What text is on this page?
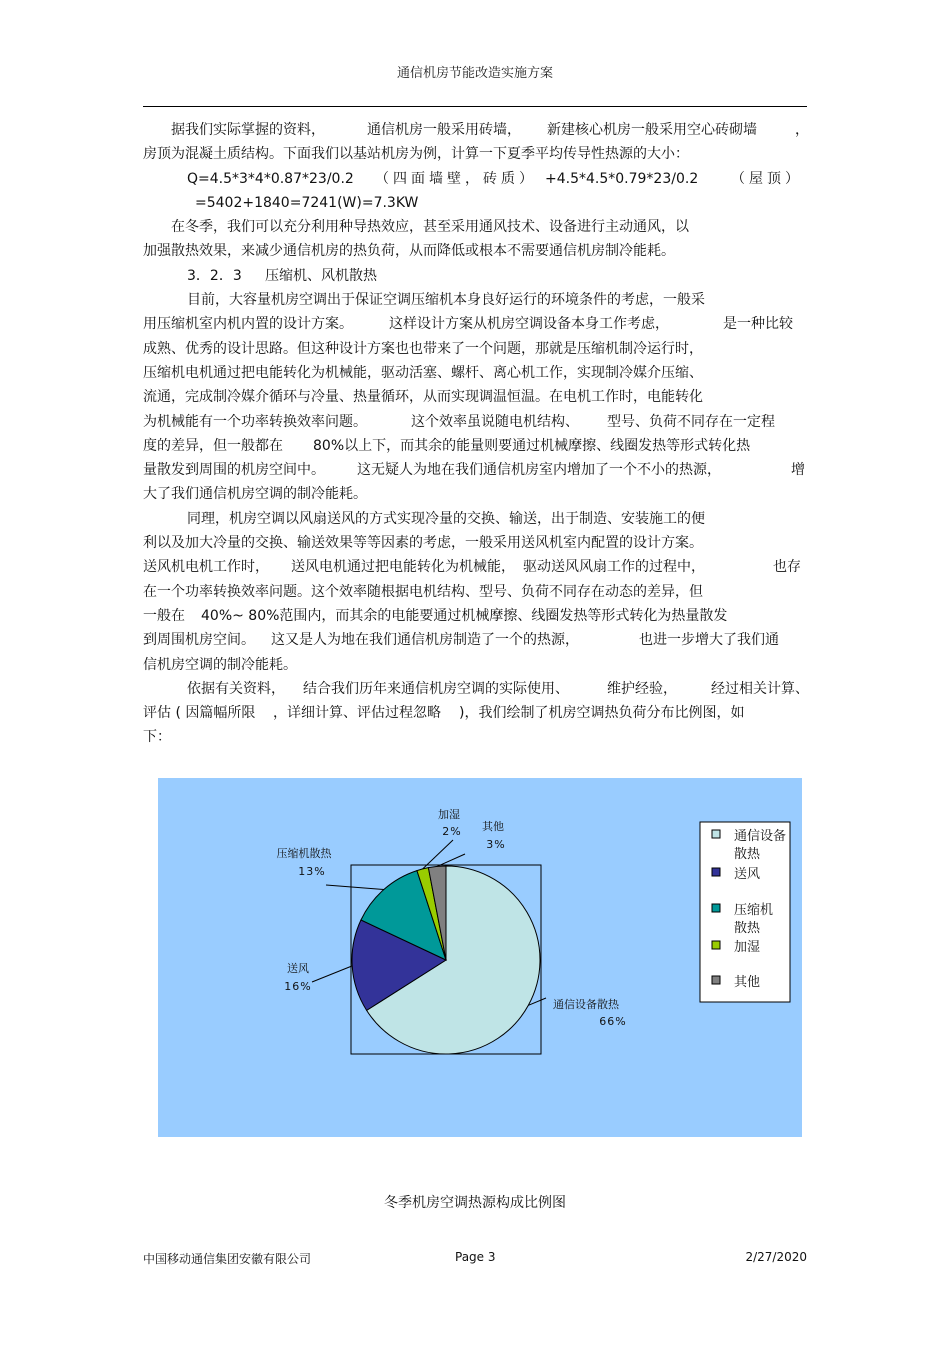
通信机房节能改造实施方案
据我们实际掌握的资料，	通信机房一般采用砖墙， 新建核心机房一般采用空心砖砌墙	，
房顶为混凝土质结构。下面我们以基站机房为例，计算一下夏季平均传导性热源的大小：
Q=4.5*3*4*0.87*23/0.2 （四面墙壁，砖质） +4.5*4.5*0.79*23/0.2 （屋顶）
=5402+1840=7241(W)=7.3KW
在冬季，我们可以充分利用种导热效应，甚至采用通风技术、设备进行主动通风，以
加强散热效果，来减少通信机房的热负荷，从而降低或根本不需要通信机房制冷能耗。
3．2．3 压缩机、风机散热
目前，大容量机房空调出于保证空调压缩机本身良好运行的环境条件的考虑，一般采
用压缩机室内机内置的设计方案。	这样设计方案从机房空调设备本身工作考虑，	是一种比较
成熟、优秀的设计思路。但这种设计方案也也带来了一个问题，那就是压缩机制冷运行时，
压缩机电机通过把电能转化为机械能，驱动活塞、螺杆、离心机工作，实现制冷媒介压缩、
流通，完成制冷媒介循环与冷量、热量循环，从而实现调温恒温。在电机工作时，电能转化
为机械能有一个功率转换效率问题。	这个效率虽说随电机结构、 型号、负荷不同存在一定程
度的差异，但一般都在 80%以上下，而其余的能量则要通过机械摩擦、线圈发热等形式转化热
量散发到周围的机房空间中。 这无疑人为地在我们通信机房室内增加了一个不小的热源，	增
大了我们通信机房空调的制冷能耗。
同理，机房空调以风扇送风的方式实现冷量的交换、输送，出于制造、安装施工的便
利以及加大冷量的交换、输送效果等等因素的考虑，一般采用送风机室内配置的设计方案。
送风机电机工作时， 送风电机通过把电能转化为机械能， 驱动送风风扇工作的过程中，	也存
在一个功率转换效率问题。这个效率随根据电机结构、型号、负荷不同存在动态的差异，但
一般在 40%~ 80%范围内，而其余的电能要通过机械摩擦、线圈发热等形式转化为热量散发
到周围机房空间。 这又是人为地在我们通信机房制造了一个的热源，	也进一步增大了我们通
信机房空调的制冷能耗。
依据有关资料， 结合我们历年来通信机房空调的实际使用、	维护经验， 经过相关计算、
评估 ( 因篇幅所限 ，详细计算、评估过程忽略 )，我们绘制了机房空调热负荷分布比例图，如
下：
通信设备散热
66%
送风
16%
压缩机散热
13%
加湿
2% 其他
3%
通信设备散热
送风
压缩机散热
加湿
其他
冬季机房空调热源构成比例图
中国移动通信集团安徽有限公司	Page 3	2/27/2020
